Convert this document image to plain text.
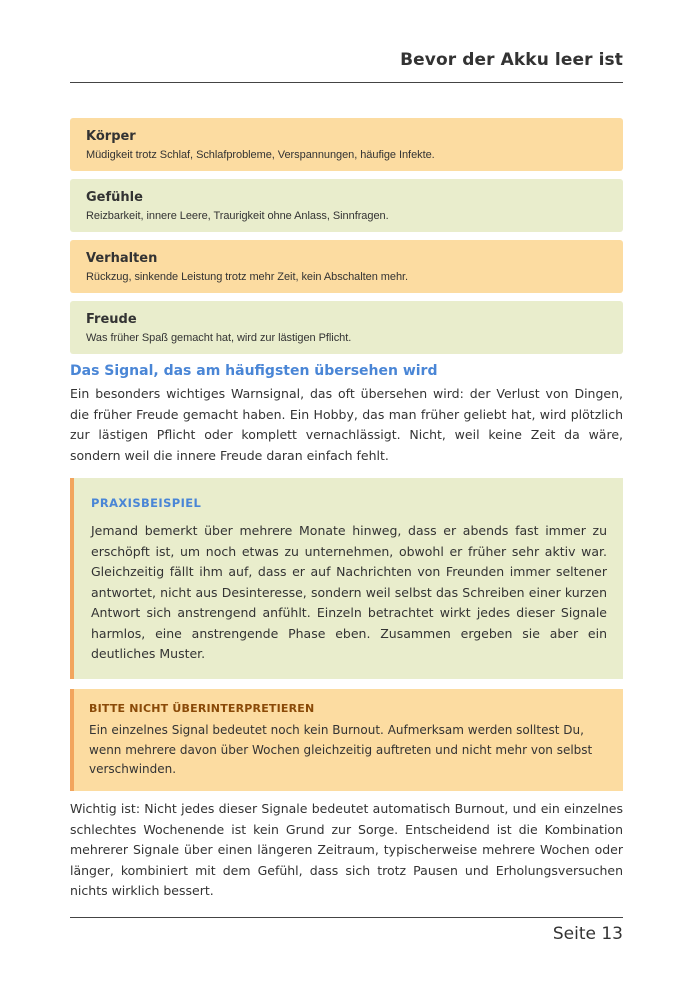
Bevor der Akku leer ist
Körper
Müdigkeit trotz Schlaf, Schlafprobleme, Verspannungen, häufige Infekte.
Gefühle
Reizbarkeit, innere Leere, Traurigkeit ohne Anlass, Sinnfragen.
Verhalten
Rückzug, sinkende Leistung trotz mehr Zeit, kein Abschalten mehr.
Freude
Was früher Spaß gemacht hat, wird zur lästigen Pflicht.
Das Signal, das am häufigsten übersehen wird
Ein besonders wichtiges Warnsignal, das oft übersehen wird: der Verlust von Dingen, die früher Freude gemacht haben. Ein Hobby, das man früher geliebt hat, wird plötzlich zur lästigen Pflicht oder komplett vernachlässigt. Nicht, weil keine Zeit da wäre, sondern weil die innere Freude daran einfach fehlt.
PRAXISBEISPIEL
Jemand bemerkt über mehrere Monate hinweg, dass er abends fast immer zu erschöpft ist, um noch etwas zu unternehmen, obwohl er früher sehr aktiv war. Gleichzeitig fällt ihm auf, dass er auf Nachrichten von Freunden immer seltener antwortet, nicht aus Desinteresse, sondern weil selbst das Schreiben einer kurzen Antwort sich anstrengend anfühlt. Einzeln betrachtet wirkt jedes dieser Signale harmlos, eine anstrengende Phase eben. Zusammen ergeben sie aber ein deutliches Muster.
BITTE NICHT ÜBERINTERPRETIEREN
Ein einzelnes Signal bedeutet noch kein Burnout. Aufmerksam werden solltest Du, wenn mehrere davon über Wochen gleichzeitig auftreten und nicht mehr von selbst verschwinden.
Wichtig ist: Nicht jedes dieser Signale bedeutet automatisch Burnout, und ein einzelnes schlechtes Wochenende ist kein Grund zur Sorge. Entscheidend ist die Kombination mehrerer Signale über einen längeren Zeitraum, typischerweise mehrere Wochen oder länger, kombiniert mit dem Gefühl, dass sich trotz Pausen und Erholungsversuchen nichts wirklich bessert.
Seite 13
